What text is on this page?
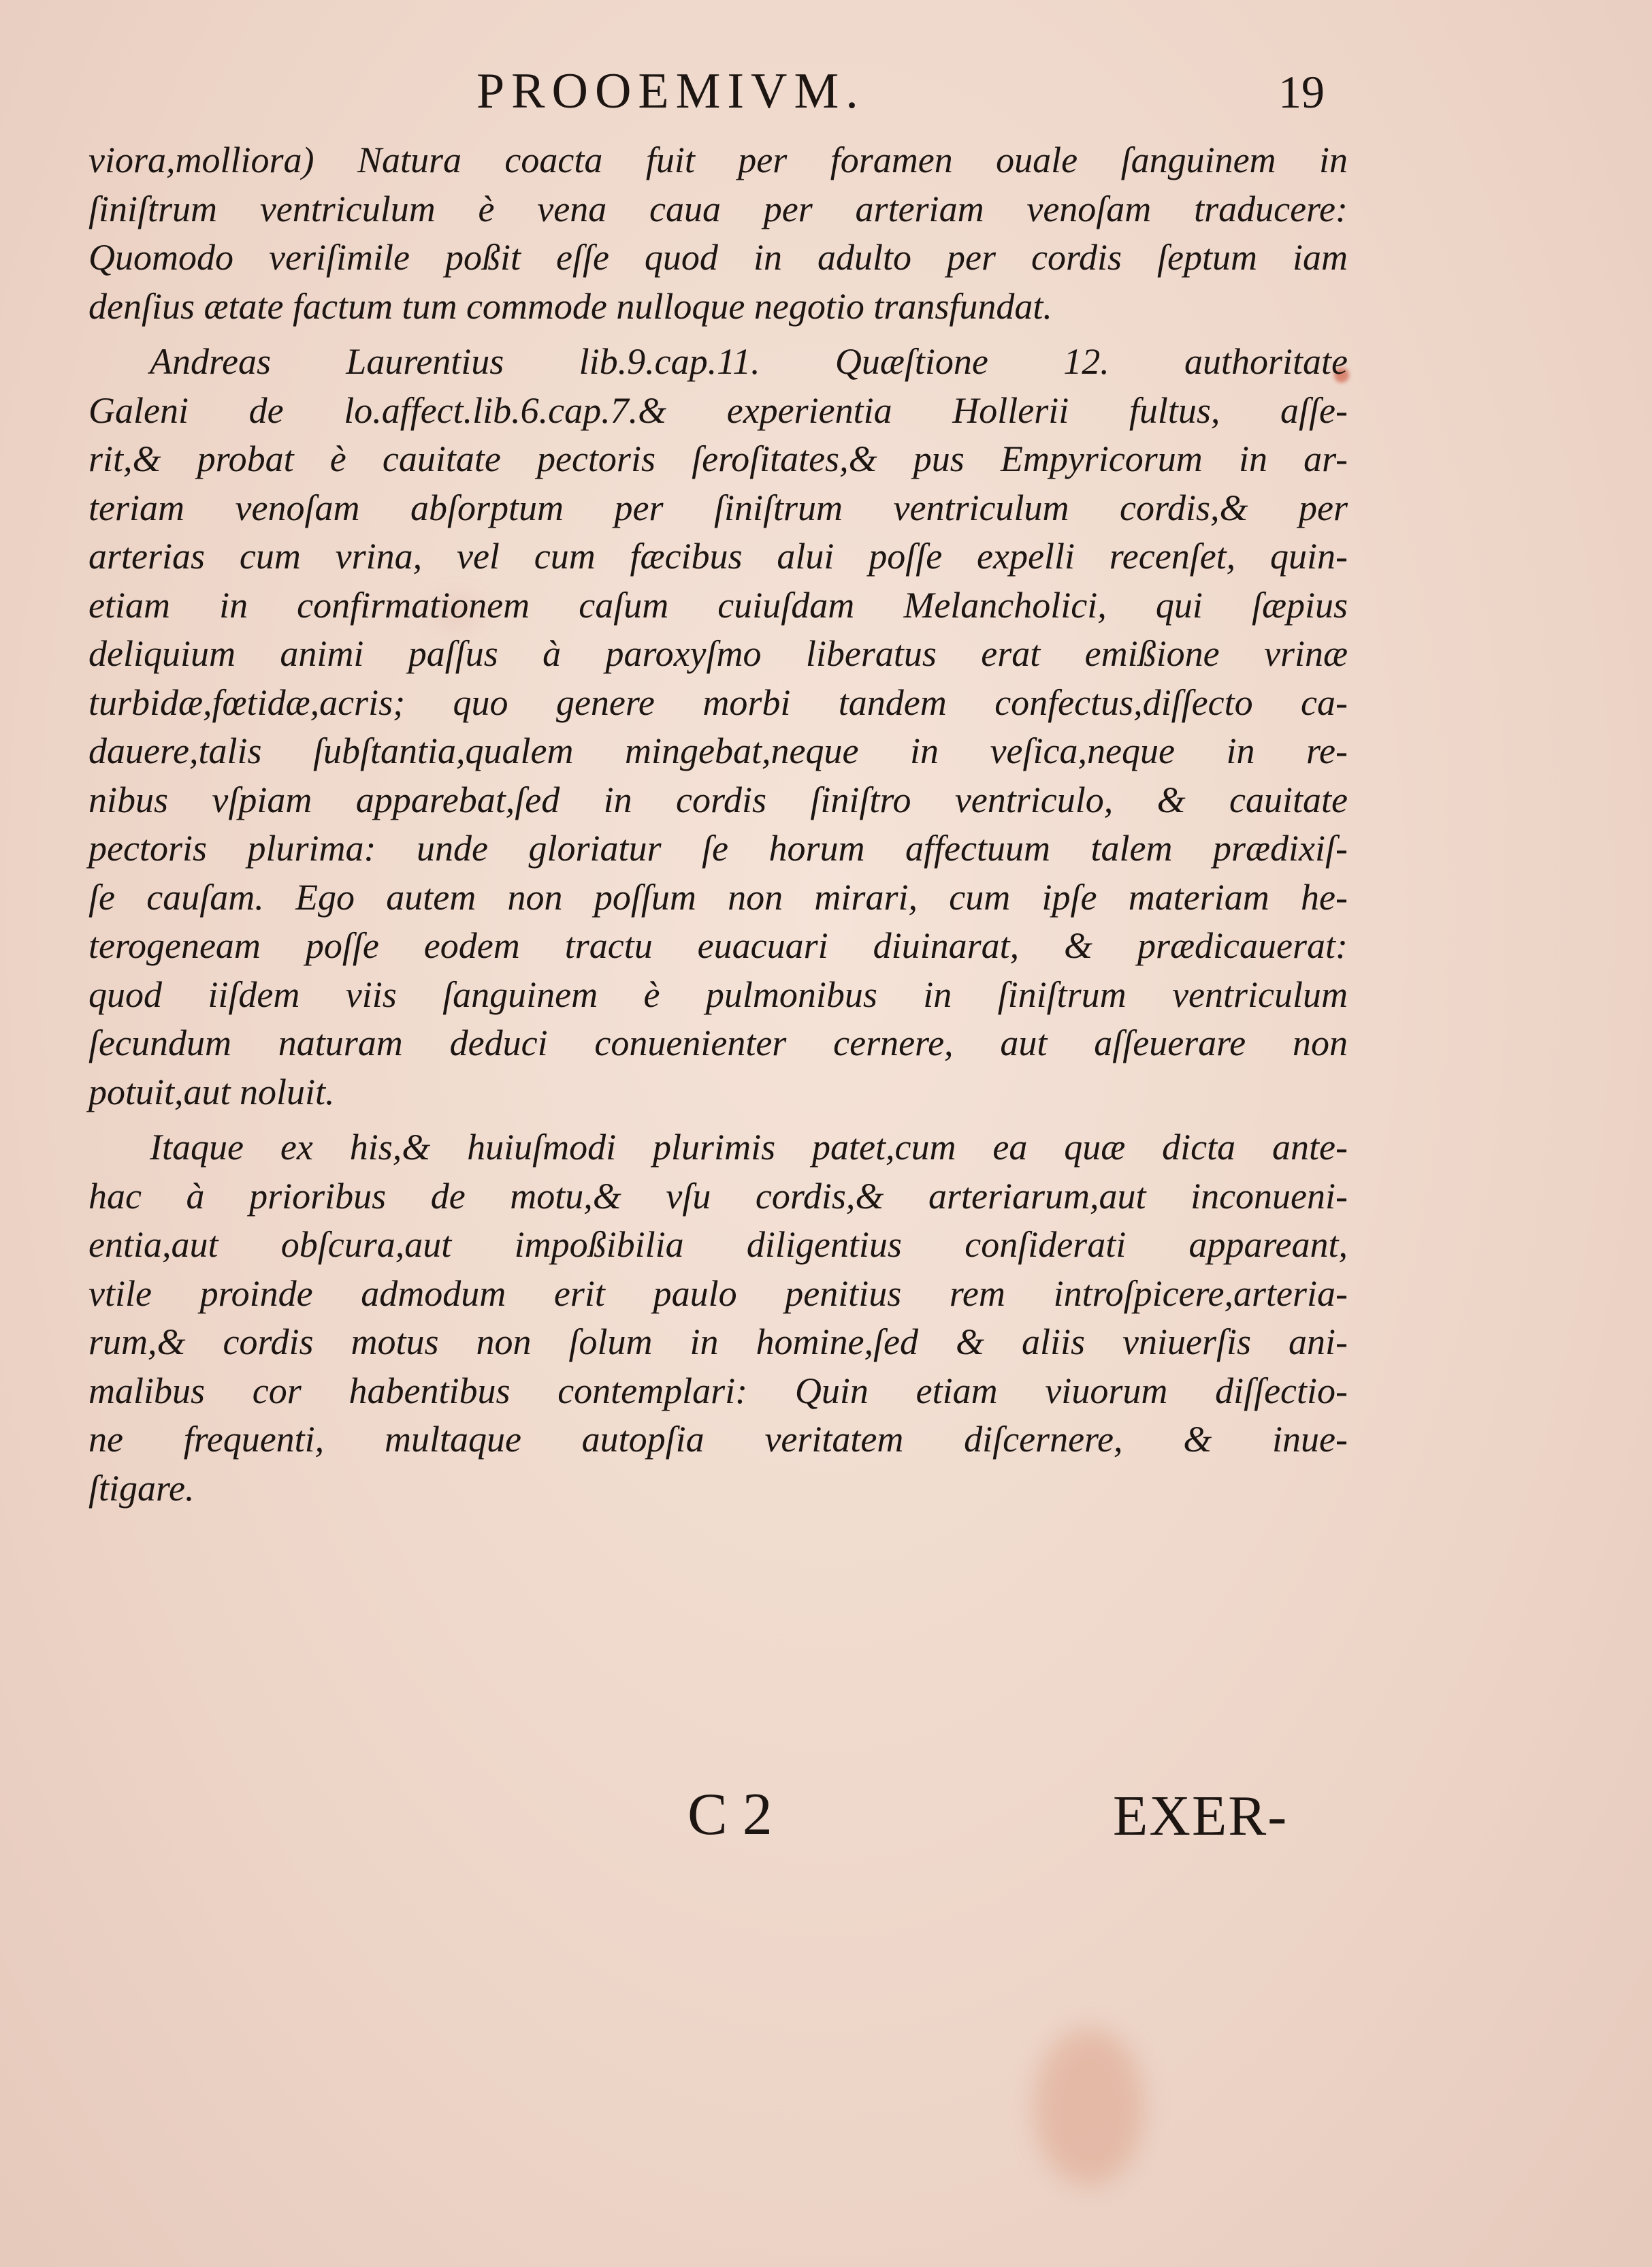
PROOEMIVM.	19
viora,molliora) Natura coacta fuit per foramen ouale ſanguinem in
ſiniſtrum ventriculum è vena caua per arteriam venoſam traducere:
Quomodo veriſimile poßit eſſe quod in adulto per cordis ſeptum iam
denſius ætate factum tum commode nulloque negotio transfundat.
Andreas Laurentius lib.9.cap.11. Quæſtione 12. authoritate
Galeni de lo.affect.lib.6.cap.7.& experientia Hollerii fultus, aſſe-
rit,& probat è cauitate pectoris ſeroſitates,& pus Empyricorum in ar-
teriam venoſam abſorptum per ſiniſtrum ventriculum cordis,& per
arterias cum vrina, vel cum fæcibus alui poſſe expelli recenſet, quin-
etiam in confirmationem caſum cuiuſdam Melancholici, qui ſæpius
deliquium animi paſſus à paroxyſmo liberatus erat emißione vrinæ
turbidæ,fœtidæ,acris; quo genere morbi tandem confectus,diſſecto ca-
dauere,talis ſubſtantia,qualem mingebat,neque in veſica,neque in re-
nibus vſpiam apparebat,ſed in cordis ſiniſtro ventriculo, & cauitate
pectoris plurima: unde gloriatur ſe horum affectuum talem prædixiſ-
ſe cauſam. Ego autem non poſſum non mirari, cum ipſe materiam he-
terogeneam poſſe eodem tractu euacuari diuinarat, & prædicauerat:
quod iiſdem viis ſanguinem è pulmonibus in ſiniſtrum ventriculum
ſecundum naturam deduci conuenienter cernere, aut aſſeuerare non
potuit,aut noluit.
Itaque ex his,& huiuſmodi plurimis patet,cum ea quæ dicta ante-
hac à prioribus de motu,& vſu cordis,& arteriarum,aut inconueni-
entia,aut obſcura,aut impoßibilia diligentius conſiderati appareant,
vtile proinde admodum erit paulo penitius rem introſpicere,arteria-
rum,& cordis motus non ſolum in homine,ſed & aliis vniuerſis ani-
malibus cor habentibus contemplari: Quin etiam viuorum diſſectio-
ne frequenti, multaque autopſia veritatem diſcernere, & inue-
ſtigare.
C 2	EXER-
